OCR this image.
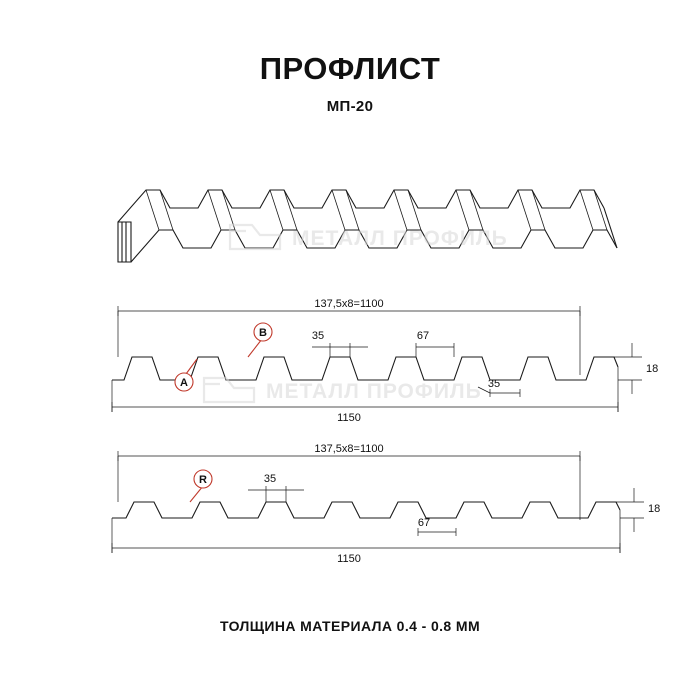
ПРОФЛИСТ
МП-20
МЕТАЛЛ ПРОФИЛЬ
137,5x8=1100
35	67
35
18
1150
B
A	МЕТАЛЛ ПРОФИЛЬ
137,5x8=1100
35
67
18
1150
R
ТОЛЩИНА МАТЕРИАЛА 0.4 - 0.8 ММ
